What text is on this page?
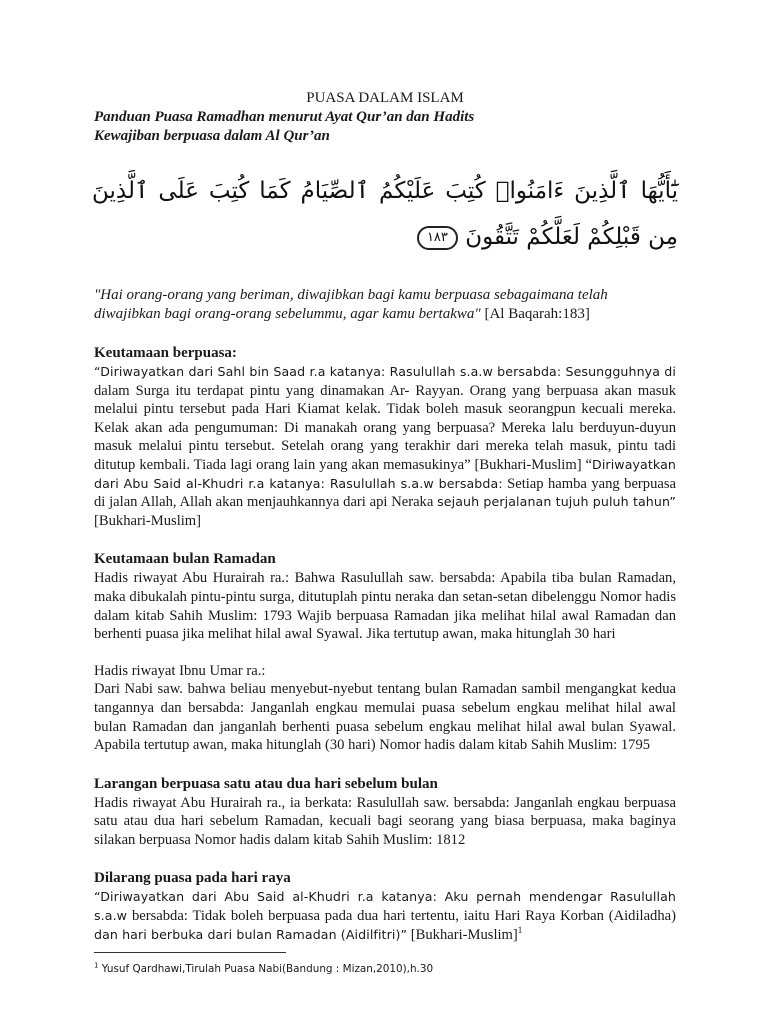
PUASA DALAM ISLAM

Panduan Puasa Ramadhan menurut Ayat Qur’an dan Hadits

Kewajiban berpuasa dalam Al Qur’an

يَٰٓأَيُّهَا ٱلَّذِينَ ءَامَنُوا۟ كُتِبَ عَلَيْكُمُ ٱلصِّيَامُ كَمَا كُتِبَ عَلَى ٱلَّذِينَ مِن قَبْلِكُمْ لَعَلَّكُمْ تَتَّقُونَ ١٨٣

"Hai orang-orang yang beriman, diwajibkan bagi kamu berpuasa sebagaimana telah diwajibkan bagi orang-orang sebelummu, agar kamu bertakwa" [Al Baqarah:183]

Keutamaan berpuasa:

“Diriwayatkan dari Sahl bin Saad r.a katanya: Rasulullah s.a.w bersabda: Sesungguhnya di dalam Surga itu terdapat pintu yang dinamakan Ar- Rayyan. Orang yang berpuasa akan masuk melalui pintu tersebut pada Hari Kiamat kelak. Tidak boleh masuk seorangpun kecuali mereka. Kelak akan ada pengumuman: Di manakah orang yang berpuasa? Mereka lalu berduyun-duyun masuk melalui pintu tersebut. Setelah orang yang terakhir dari mereka telah masuk, pintu tadi ditutup kembali. Tiada lagi orang lain yang akan memasukinya” [Bukhari-Muslim] “Diriwayatkan dari Abu Said al-Khudri r.a katanya: Rasulullah s.a.w bersabda: Setiap hamba yang berpuasa di jalan Allah, Allah akan menjauhkannya dari api Neraka sejauh perjalanan tujuh puluh tahun” [Bukhari-Muslim]

Keutamaan bulan Ramadan

Hadis riwayat Abu Hurairah ra.: Bahwa Rasulullah saw. bersabda: Apabila tiba bulan Ramadan, maka dibukalah pintu-pintu surga, ditutuplah pintu neraka dan setan-setan dibelenggu Nomor hadis dalam kitab Sahih Muslim: 1793 Wajib berpuasa Ramadan jika melihat hilal awal Ramadan dan berhenti puasa jika melihat hilal awal Syawal. Jika tertutup awan, maka hitunglah 30 hari

Hadis riwayat Ibnu Umar ra.:

Dari Nabi saw. bahwa beliau menyebut-nyebut tentang bulan Ramadan sambil mengangkat kedua tangannya dan bersabda: Janganlah engkau memulai puasa sebelum engkau melihat hilal awal bulan Ramadan dan janganlah berhenti puasa sebelum engkau melihat hilal awal bulan Syawal. Apabila tertutup awan, maka hitunglah (30 hari) Nomor hadis dalam kitab Sahih Muslim: 1795

Larangan berpuasa satu atau dua hari sebelum bulan

Hadis riwayat Abu Hurairah ra., ia berkata: Rasulullah saw. bersabda: Janganlah engkau berpuasa satu atau dua hari sebelum Ramadan, kecuali bagi seorang yang biasa berpuasa, maka baginya silakan berpuasa Nomor hadis dalam kitab Sahih Muslim: 1812

Dilarang puasa pada hari raya

“Diriwayatkan dari Abu Said al-Khudri r.a katanya: Aku pernah mendengar Rasulullah s.a.w bersabda: Tidak boleh berpuasa pada dua hari tertentu, iaitu Hari Raya Korban (Aidiladha) dan hari berbuka dari bulan Ramadan (Aidilfitri)” [Bukhari-Muslim]$^1$

$^1$ Yusuf Qardhawi,Tirulah Puasa Nabi(Bandung : Mizan,2010),h.30
